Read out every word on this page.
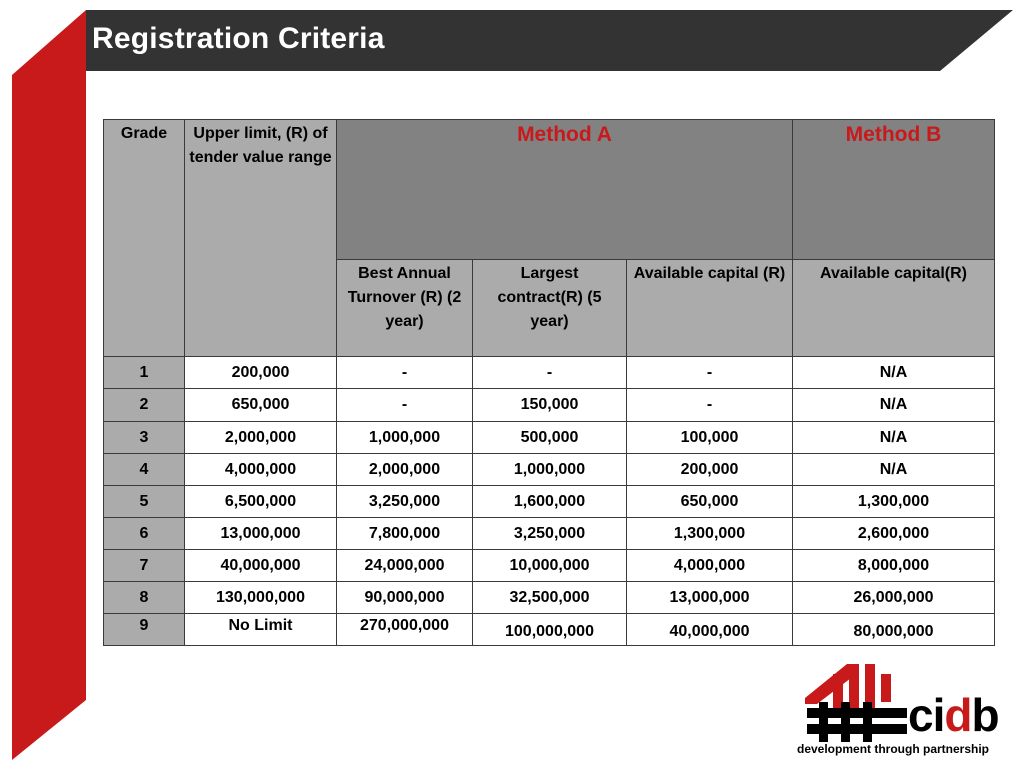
Registration Criteria
Grade	Upper limit, (R) of tender value range	Method A			Method B
		Best Annual Turnover (R) (2 year)	Largest contract(R) (5 year)	Available capital (R)	Available capital(R)
1	200,000	-	-	-	N/A
2	650,000	-	150,000	-	N/A
3	2,000,000	1,000,000	500,000	100,000	N/A
4	4,000,000	2,000,000	1,000,000	200,000	N/A
5	6,500,000	3,250,000	1,600,000	650,000	1,300,000
6	13,000,000	7,800,000	3,250,000	1,300,000	2,600,000
7	40,000,000	24,000,000	10,000,000	4,000,000	8,000,000
8	130,000,000	90,000,000	32,500,000	13,000,000	26,000,000
9	No Limit	270,000,000	100,000,000	40,000,000	80,000,000
cidb
development through partnership
